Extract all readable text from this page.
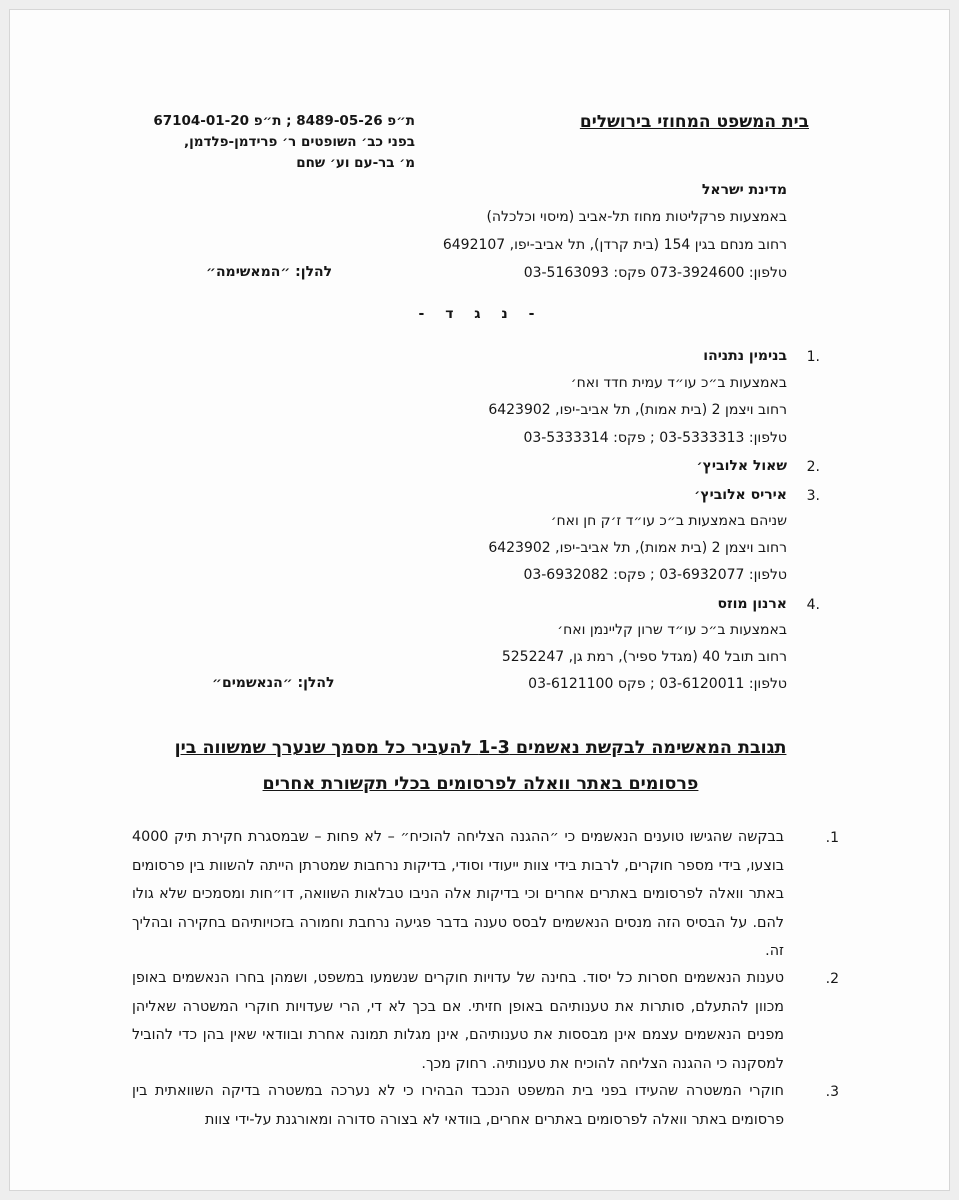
בית המשפט המחוזי בירושלים
ת״פ 8489-05-26 ; ת״פ 67104-01-20
בפני כב׳ השופטים ר׳ פרידמן-פלדמן,
מ׳ בר-עם וע׳ שחם
מדינת ישראל
באמצעות פרקליטות מחוז תל-אביב (מיסוי וכלכלה)
רחוב מנחם בגין 154 (בית קרדן), תל אביב-יפו, 6492107
טלפון: 073-3924600 פקס: 03-5163093
להלן: ״המאשימה״
- נ ג ד -
1.
בנימין נתניהו
באמצעות ב״כ עו״ד עמית חדד ואח׳
רחוב ויצמן 2 (בית אמות), תל אביב-יפו, 6423902
טלפון: 03-5333313 ; פקס: 03-5333314
2.
שאול אלוביץ׳
3.
איריס אלוביץ׳
שניהם באמצעות ב״כ עו״ד ז׳ק חן ואח׳
רחוב ויצמן 2 (בית אמות), תל אביב-יפו, 6423902
טלפון: 03-6932077 ; פקס: 03-6932082
4.
ארנון מוזס
באמצעות ב״כ עו״ד שרון קליינמן ואח׳
רחוב תובל 40 (מגדל ספיר), רמת גן, 5252247
טלפון: 03-6120011 ; פקס 03-6121100
להלן: ״הנאשמים״
תגובת המאשימה לבקשת נאשמים 1-3 להעביר כל מסמך שנערך שמשווה בין
פרסומים באתר וואלה לפרסומים בכלי תקשורת אחרים
1.
בבקשה שהגישו טוענים הנאשמים כי ״ההגנה הצליחה להוכיח״ – לא פחות – שבמסגרת חקירת תיק 4000 בוצעו, בידי מספר חוקרים, לרבות בידי צוות ייעודי וסודי, בדיקות נרחבות שמטרתן הייתה להשוות בין פרסומים באתר וואלה לפרסומים באתרים אחרים וכי בדיקות אלה הניבו טבלאות השוואה, דו״חות ומסמכים שלא גולו להם. על הבסיס הזה מנסים הנאשמים לבסס טענה בדבר פגיעה נרחבת וחמורה בזכויותיהם בחקירה ובהליך זה.
2.
טענות הנאשמים חסרות כל יסוד. בחינה של עדויות חוקרים שנשמעו במשפט, ושמהן בחרו הנאשמים באופן מכוון להתעלם, סותרות את טענותיהם באופן חזיתי. אם בכך לא די, הרי שעדויות חוקרי המשטרה שאליהן מפנים הנאשמים עצמם אינן מבססות את טענותיהם, אינן מגלות תמונה אחרת ובוודאי שאין בהן כדי להוביל למסקנה כי ההגנה הצליחה להוכיח את טענותיה. רחוק מכך.
3.
חוקרי המשטרה שהעידו בפני בית המשפט הנכבד הבהירו כי לא נערכה במשטרה בדיקה השוואתית בין פרסומים באתר וואלה לפרסומים באתרים אחרים, בוודאי לא בצורה סדורה ומאורגנת על-ידי צוות
